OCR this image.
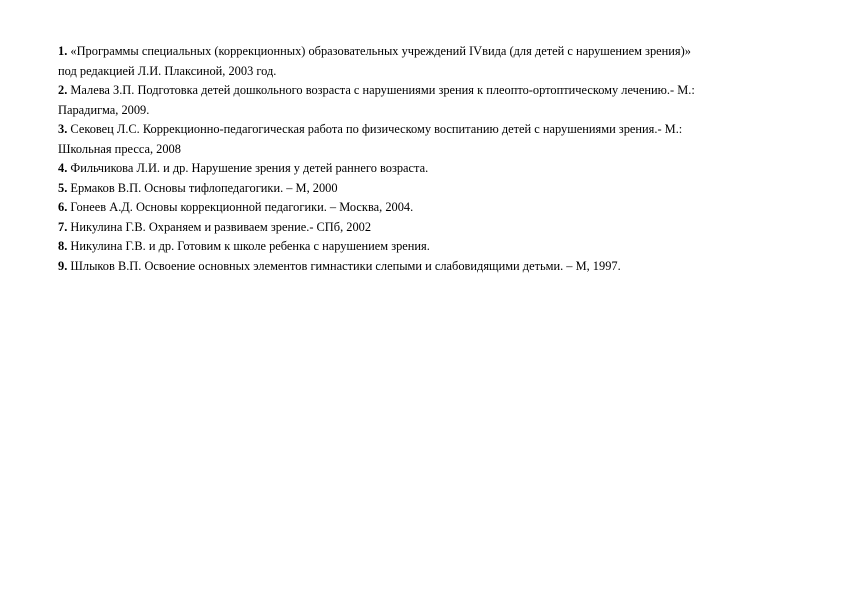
1. «Программы специальных (коррекционных) образовательных учреждений IVвида (для детей с нарушением зрения)»
под редакцией Л.И. Плаксиной, 2003 год.
2. Малева З.П. Подготовка детей дошкольного возраста с нарушениями зрения к плеопто-ортоптическому лечению.- М.:
Парадигма, 2009.
3. Сековец Л.С. Коррекционно-педагогическая работа по физическому воспитанию детей с нарушениями зрения.- М.:
Школьная пресса, 2008
4. Фильчикова Л.И. и др. Нарушение зрения у детей раннего возраста.
5. Ермаков В.П. Основы тифлопедагогики. – М, 2000
6. Гонеев А.Д. Основы коррекционной педагогики. – Москва, 2004.
7. Никулина Г.В. Охраняем и развиваем зрение.- СПб, 2002
8. Никулина Г.В. и др. Готовим к школе ребенка с нарушением зрения.
9. Шлыков В.П. Освоение основных элементов гимнастики слепыми и слабовидящими детьми. – М, 1997.
